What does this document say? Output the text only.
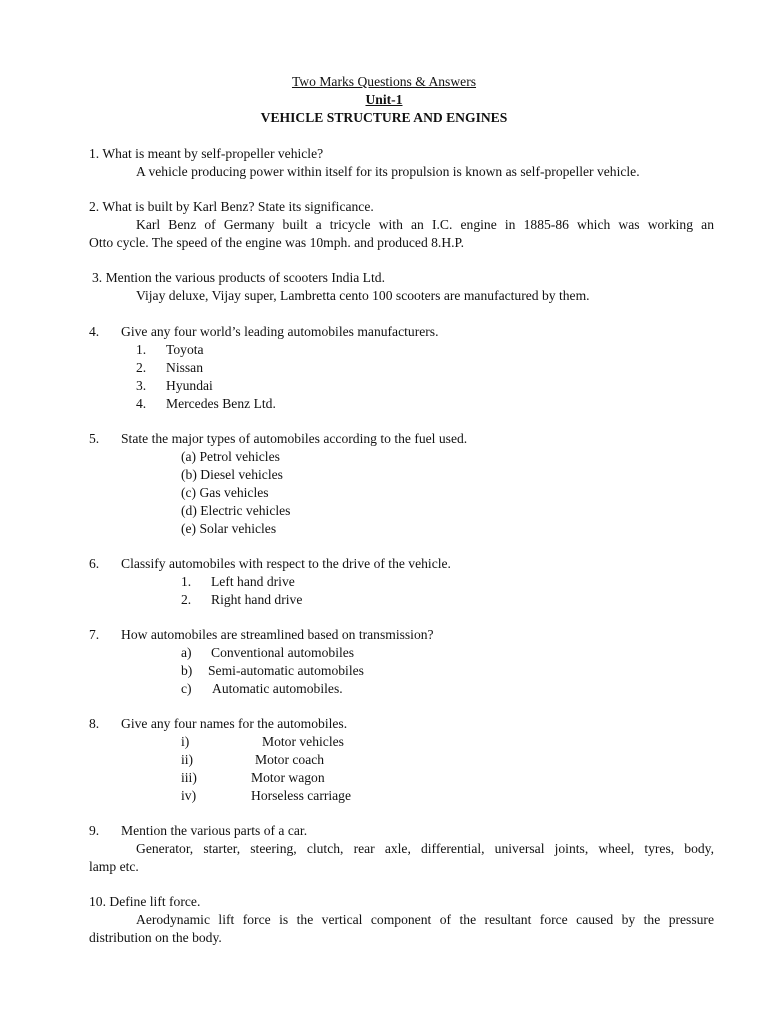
Two Marks Questions & Answers
Unit-1
VEHICLE STRUCTURE AND ENGINES
1. What is meant by self-propeller vehicle?
A vehicle producing power within itself for its propulsion is known as self-propeller vehicle.
2. What is built by Karl Benz? State its significance.
Karl Benz of Germany built a tricycle with an I.C. engine in 1885-86 which was working an
Otto cycle. The speed of the engine was 10mph. and produced 8.H.P.
3. Mention the various products of scooters India Ltd.
Vijay deluxe, Vijay super, Lambretta cento 100 scooters are manufactured by them.
4. Give any four world’s leading automobiles manufacturers.
1. Toyota
2. Nissan
3. Hyundai
4. Mercedes Benz Ltd.
5. State the major types of automobiles according to the fuel used.
(a) Petrol vehicles
(b) Diesel vehicles
(c) Gas vehicles
(d) Electric vehicles
(e) Solar vehicles
6. Classify automobiles with respect to the drive of the vehicle.
1. Left hand drive
2. Right hand drive
7. How automobiles are streamlined based on transmission?
a) Conventional automobiles
b) Semi-automatic automobiles
c) Automatic automobiles.
8. Give any four names for the automobiles.
i)	Motor vehicles
ii)	Motor coach
iii)	Motor wagon
iv)	Horseless carriage
9. Mention the various parts of a car.
Generator, starter, steering, clutch, rear axle, differential, universal joints, wheel, tyres, body,
lamp etc.
10. Define lift force.
Aerodynamic lift force is the vertical component of the resultant force caused by the pressure
distribution on the body.
